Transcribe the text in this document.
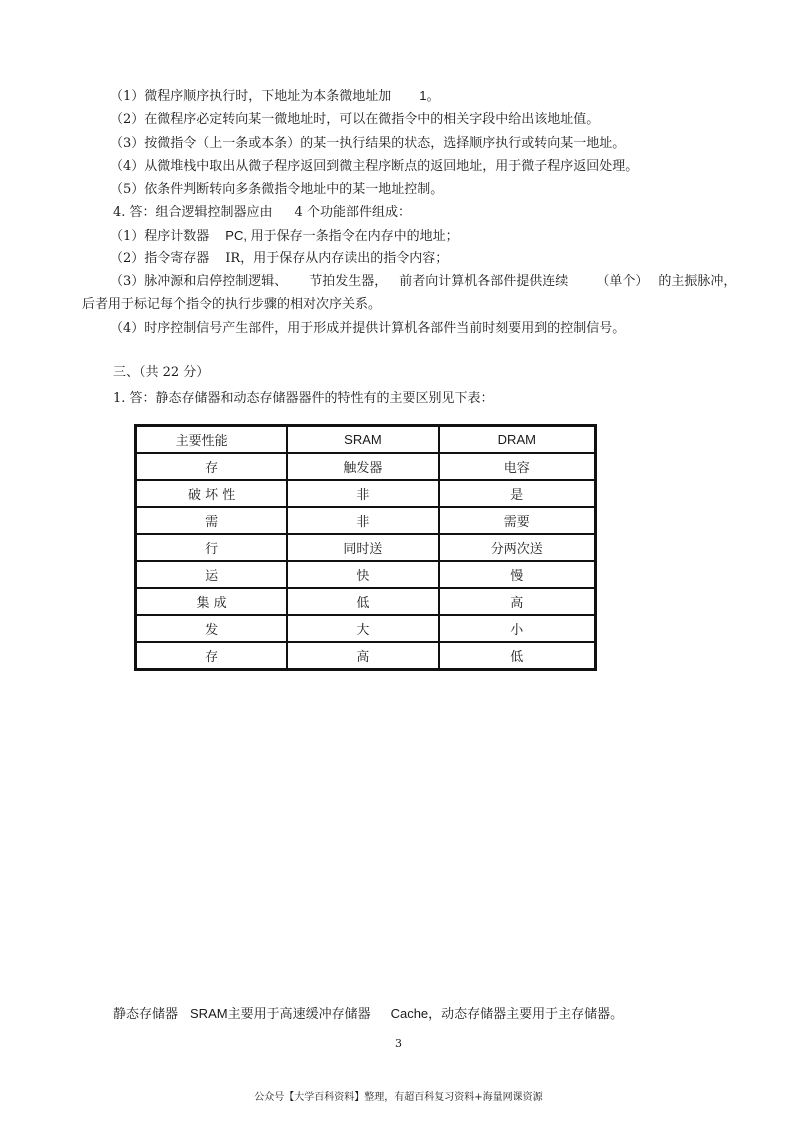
（1）微程序顺序执行时，下地址为本条微地址加 1。
（2）在微程序必定转向某一微地址时，可以在微指令中的相关字段中给出该地址值。
（3）按微指令（上一条或本条）的某一执行结果的状态，选择顺序执行或转向某一地址。
（4）从微堆栈中取出从微子程序返回到微主程序断点的返回地址，用于微子程序返回处理。
（5）依条件判断转向多条微指令地址中的某一地址控制。
4. 答：组合逻辑控制器应由 4 个功能部件组成：
（1）程序计数器 PC, 用于保存一条指令在内存中的地址；
（2）指令寄存器 IR，用于保存从内存读出的指令内容；
（3）脉冲源和启停控制逻辑、 节拍发生器， 前者向计算机各部件提供连续 （单个） 的主振脉冲，
后者用于标记每个指令的执行步骤的相对次序关系。
（4）时序控制信号产生部件，用于形成并提供计算机各部件当前时刻要用到的控制信号。
三、（共 22 分）
1. 答：静态存储器和动态存储器器件的特性有的主要区别见下表：
主要性能	SRAM	DRAM
存	触发器	电容
破 坏 性	非	是
需	非	需要
行	同时送	分两次送
运	快	慢
集 成	低	高
发	大	小
存	高	低
静态存储器 SRAM主要用于高速缓冲存储器 Cache，动态存储器主要用于主存储器。
3
公众号【大学百科资料】整理，有超百科复习资料+海量网课资源
